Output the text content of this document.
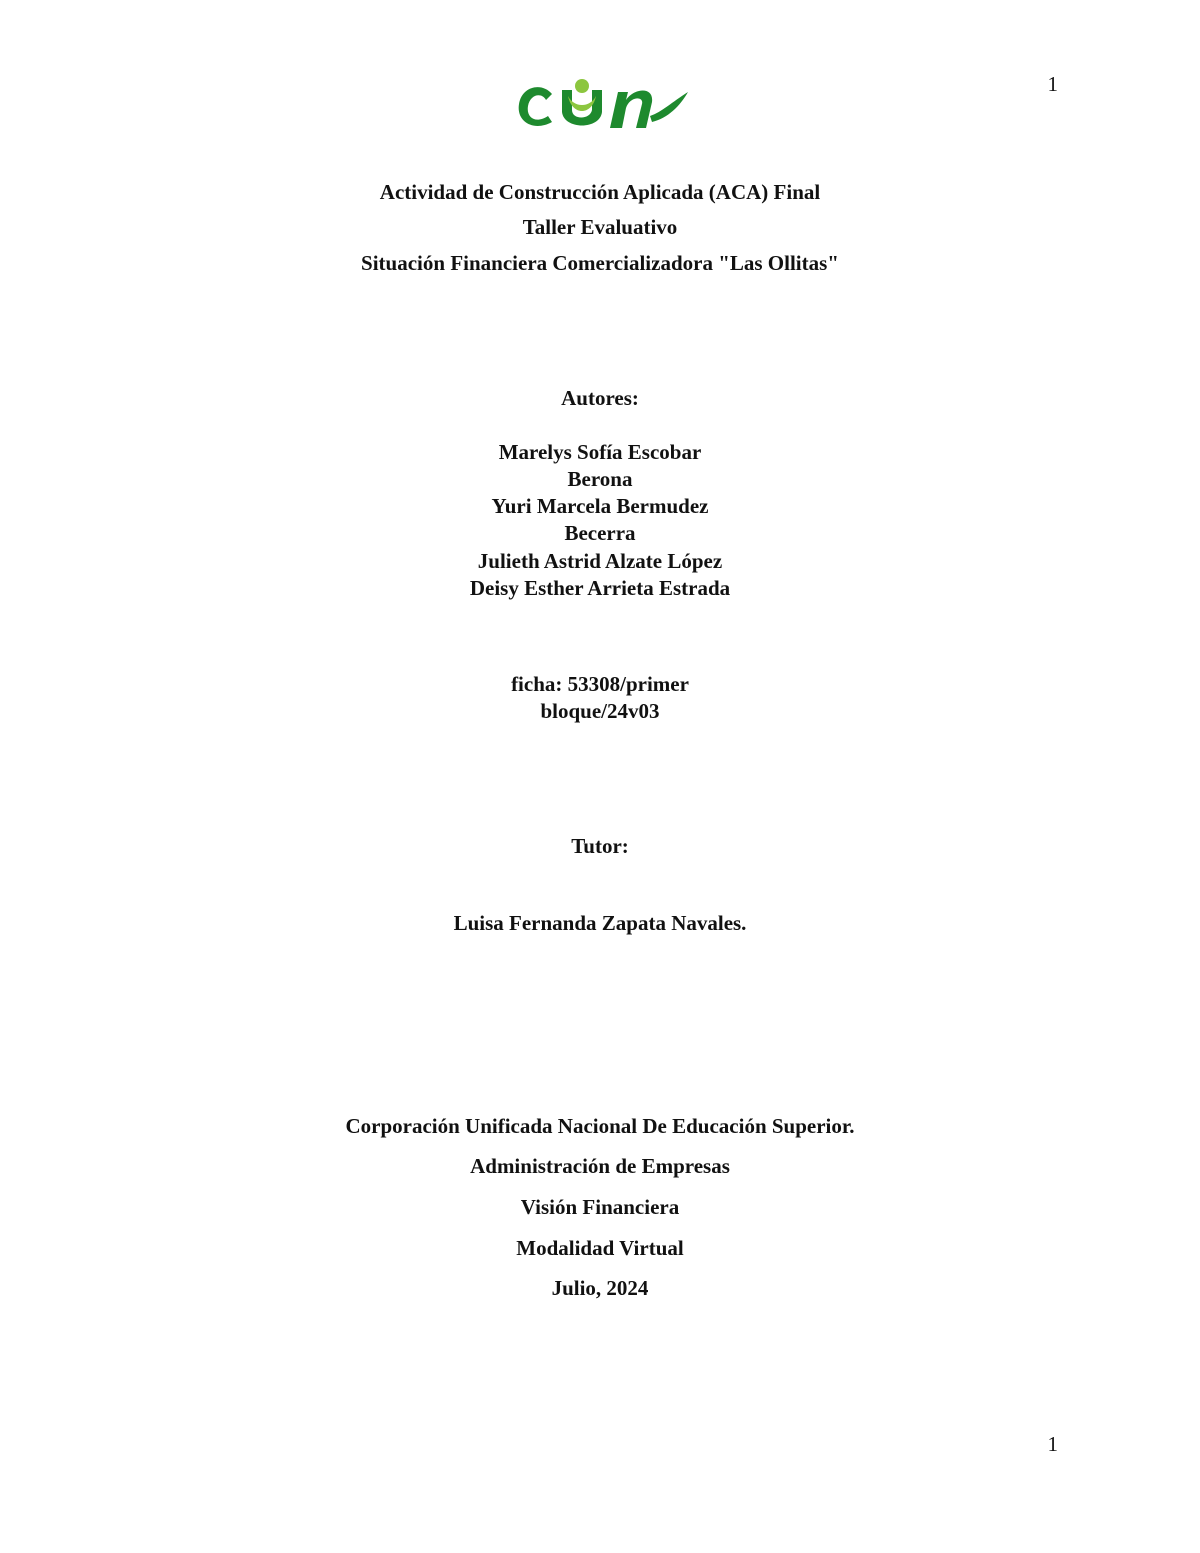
1
Actividad de Construcción Aplicada (ACA) Final
Taller Evaluativo
Situación Financiera Comercializadora "Las Ollitas"
Autores:
Marelys Sofía Escobar
Berona
Yuri Marcela Bermudez
Becerra
Julieth Astrid Alzate López
Deisy Esther Arrieta Estrada
ficha: 53308/primer
bloque/24v03
Tutor:
Luisa Fernanda Zapata Navales.
Corporación Unificada Nacional De Educación Superior.
Administración de Empresas
Visión Financiera
Modalidad Virtual
Julio, 2024
1
